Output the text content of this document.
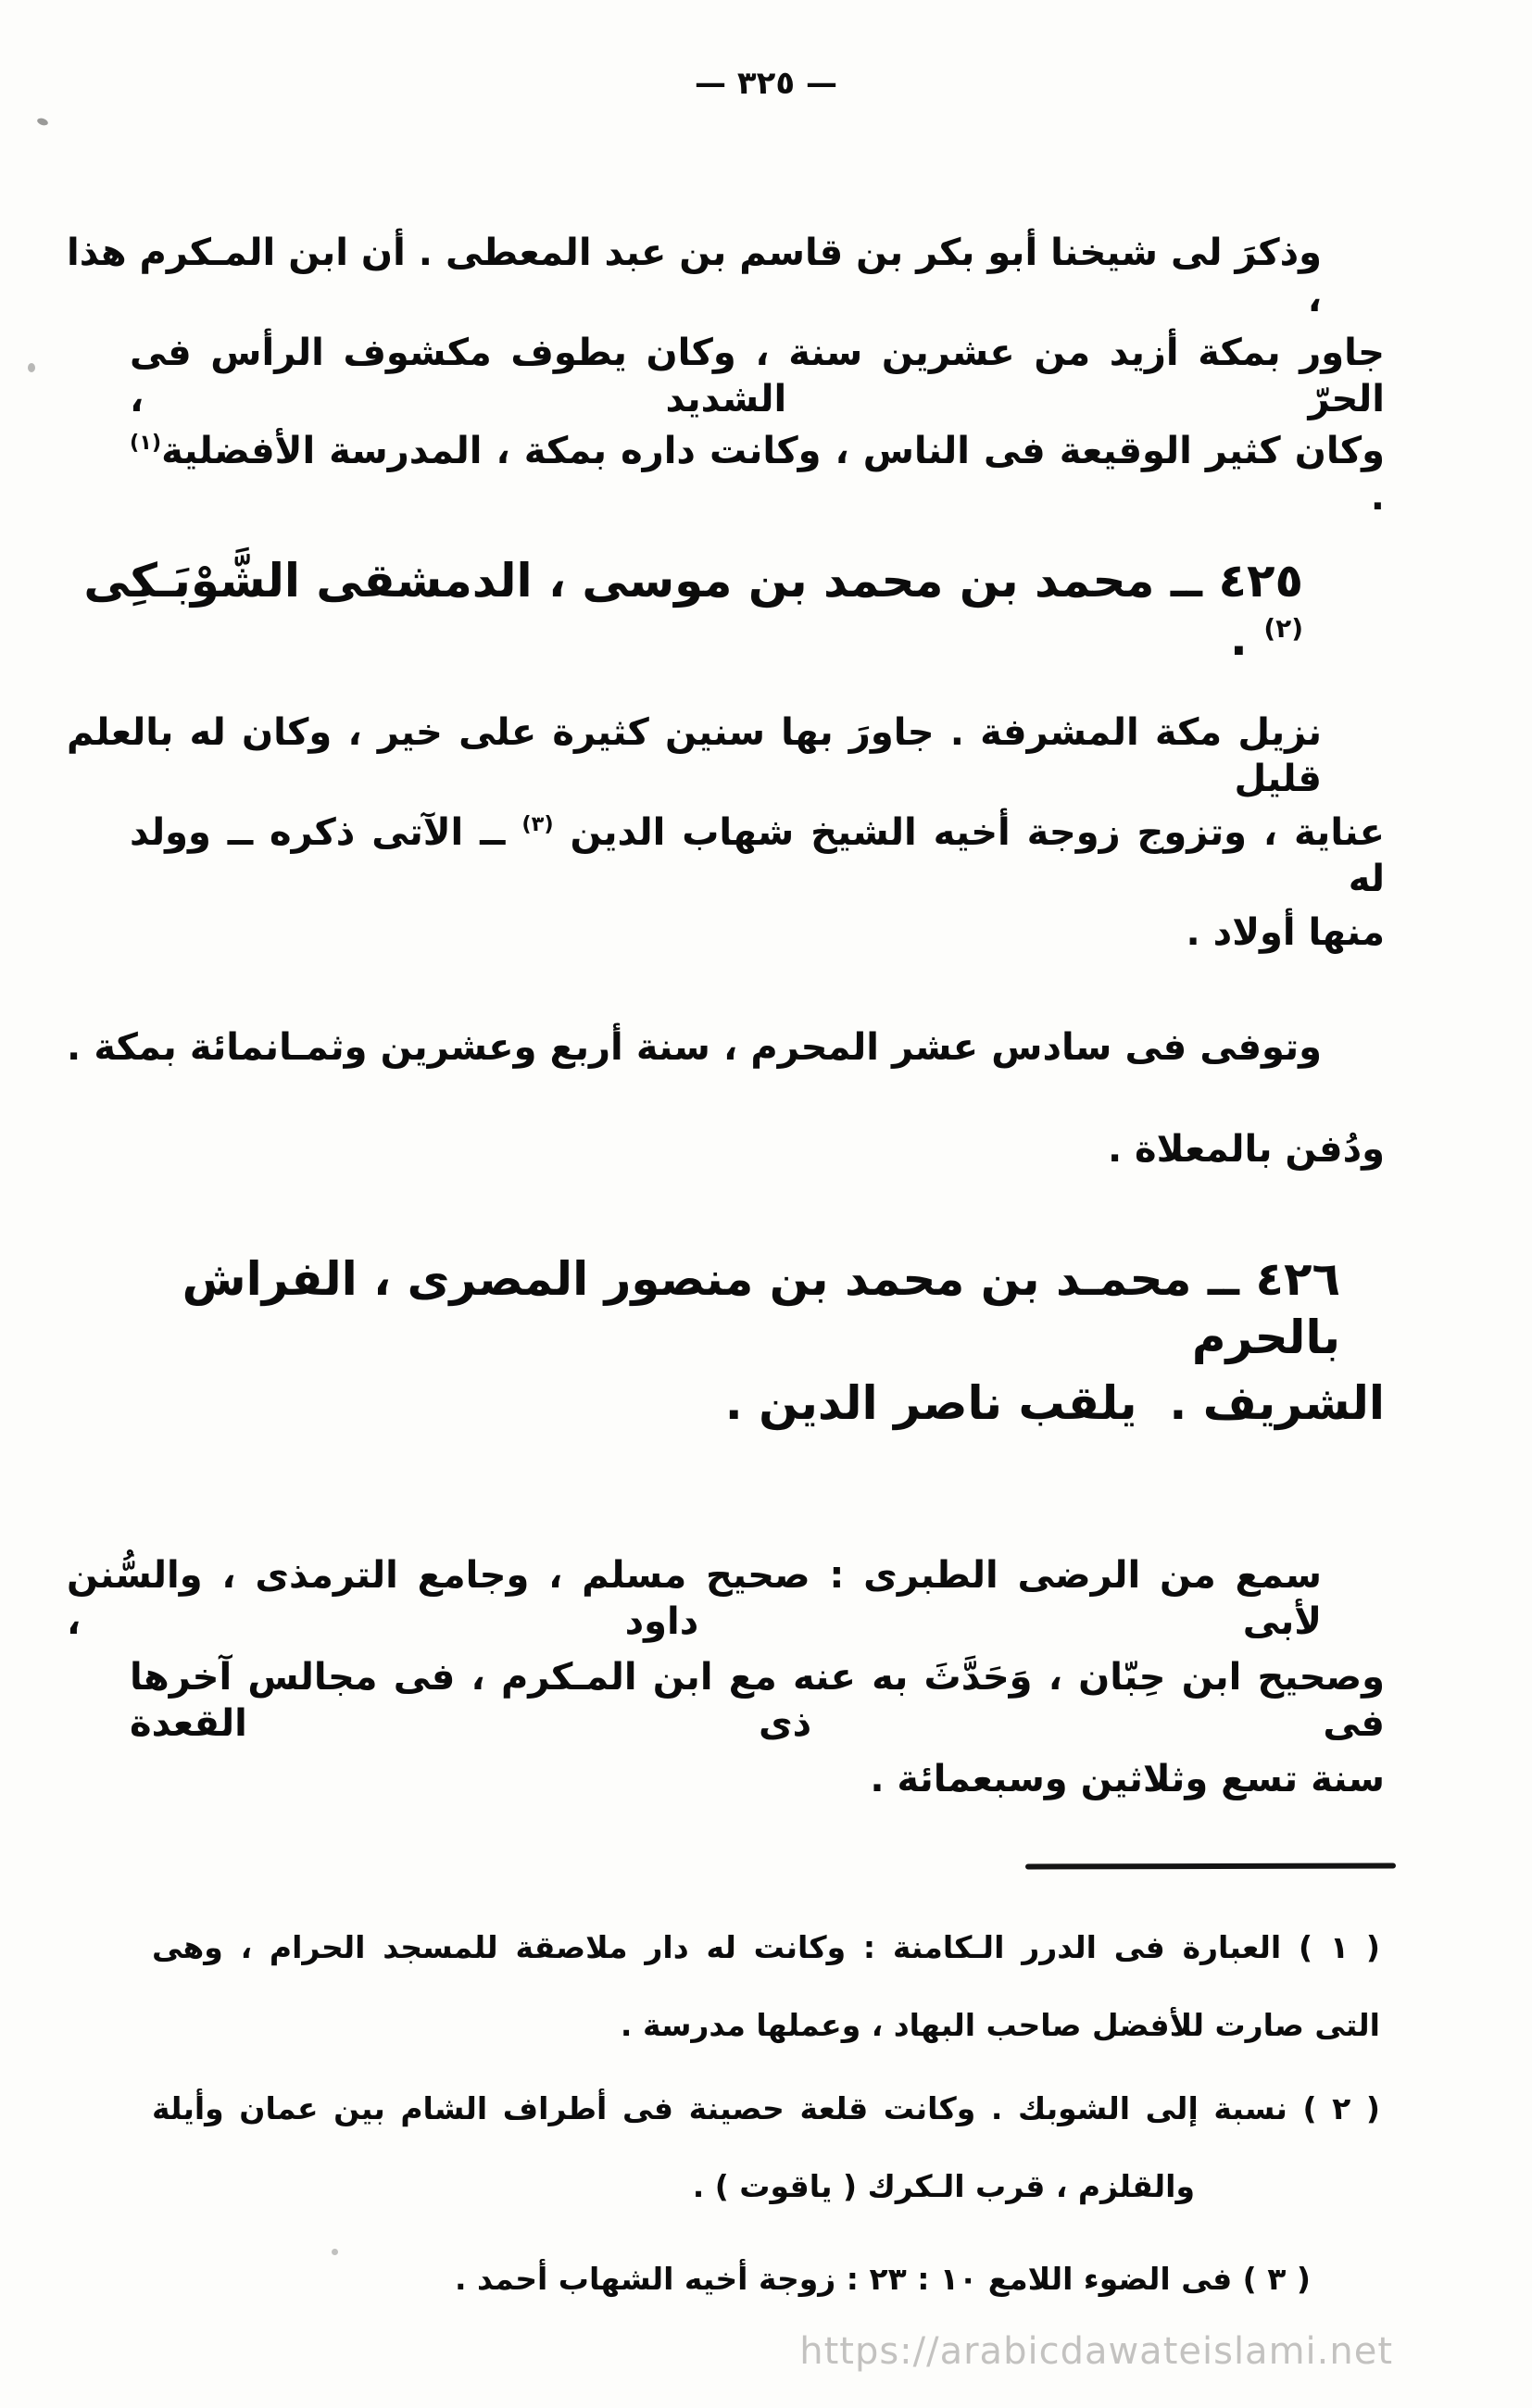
— ٣٢٥ —
وذكرَ لى شيخنا أبو بكر بن قاسم بن عبد المعطى . أن ابن المـكرم هذا ،
جاور بمكة أزيد من عشرين سنة ، وكان يطوف مكشوف الرأس فى الحرّ الشديد ،
وكان كثير الوقيعة فى الناس ، وكانت داره بمكة ، المدرسة الأفضلية(١) .
٤٢٥ ــ محمد بن محمد بن موسى ، الدمشقى الشَّوْبَـكِى (٢) .
نزيل مكة المشرفة . جاورَ بها سنين كثيرة على خير ، وكان له بالعلم قليل
عناية ، وتزوج زوجة أخيه الشيخ شهاب الدين (٣) ــ الآتى ذكره ــ وولد له
منها أولاد .
وتوفى فى سادس عشر المحرم ، سنة أربع وعشرين وثمـانمائة بمكة .
ودُفن بالمعلاة .
٤٢٦ ــ محمـد بن محمد بن منصور المصرى ، الفراش بالحرم
الشريف .  يلقب ناصر الدين .
سمع من الرضى الطبرى : صحيح مسلم ، وجامع الترمذى ، والسُّنن لأبى داود ،
وصحيح ابن حِبّان ، وَحَدَّثَ به عنه مع ابن المـكرم ، فى مجالس آخرها فى ذى القعدة
سنة تسع وثلاثين وسبعمائة .
( ١ ) العبارة فى الدرر الـكامنة : وكانت له دار ملاصقة للمسجد الحرام ، وهى
التى صارت للأفضل صاحب البهاد ، وعملها مدرسة .
( ٢ ) نسبة إلى الشوبك . وكانت قلعة حصينة فى أطراف الشام بين عمان وأيلة
والقلزم ، قرب الـكرك ( ياقوت ) .
( ٣ ) فى الضوء اللامع ١٠ : ٢٣ : زوجة أخيه الشهاب أحمد .
https://arabicdawateislami.net
